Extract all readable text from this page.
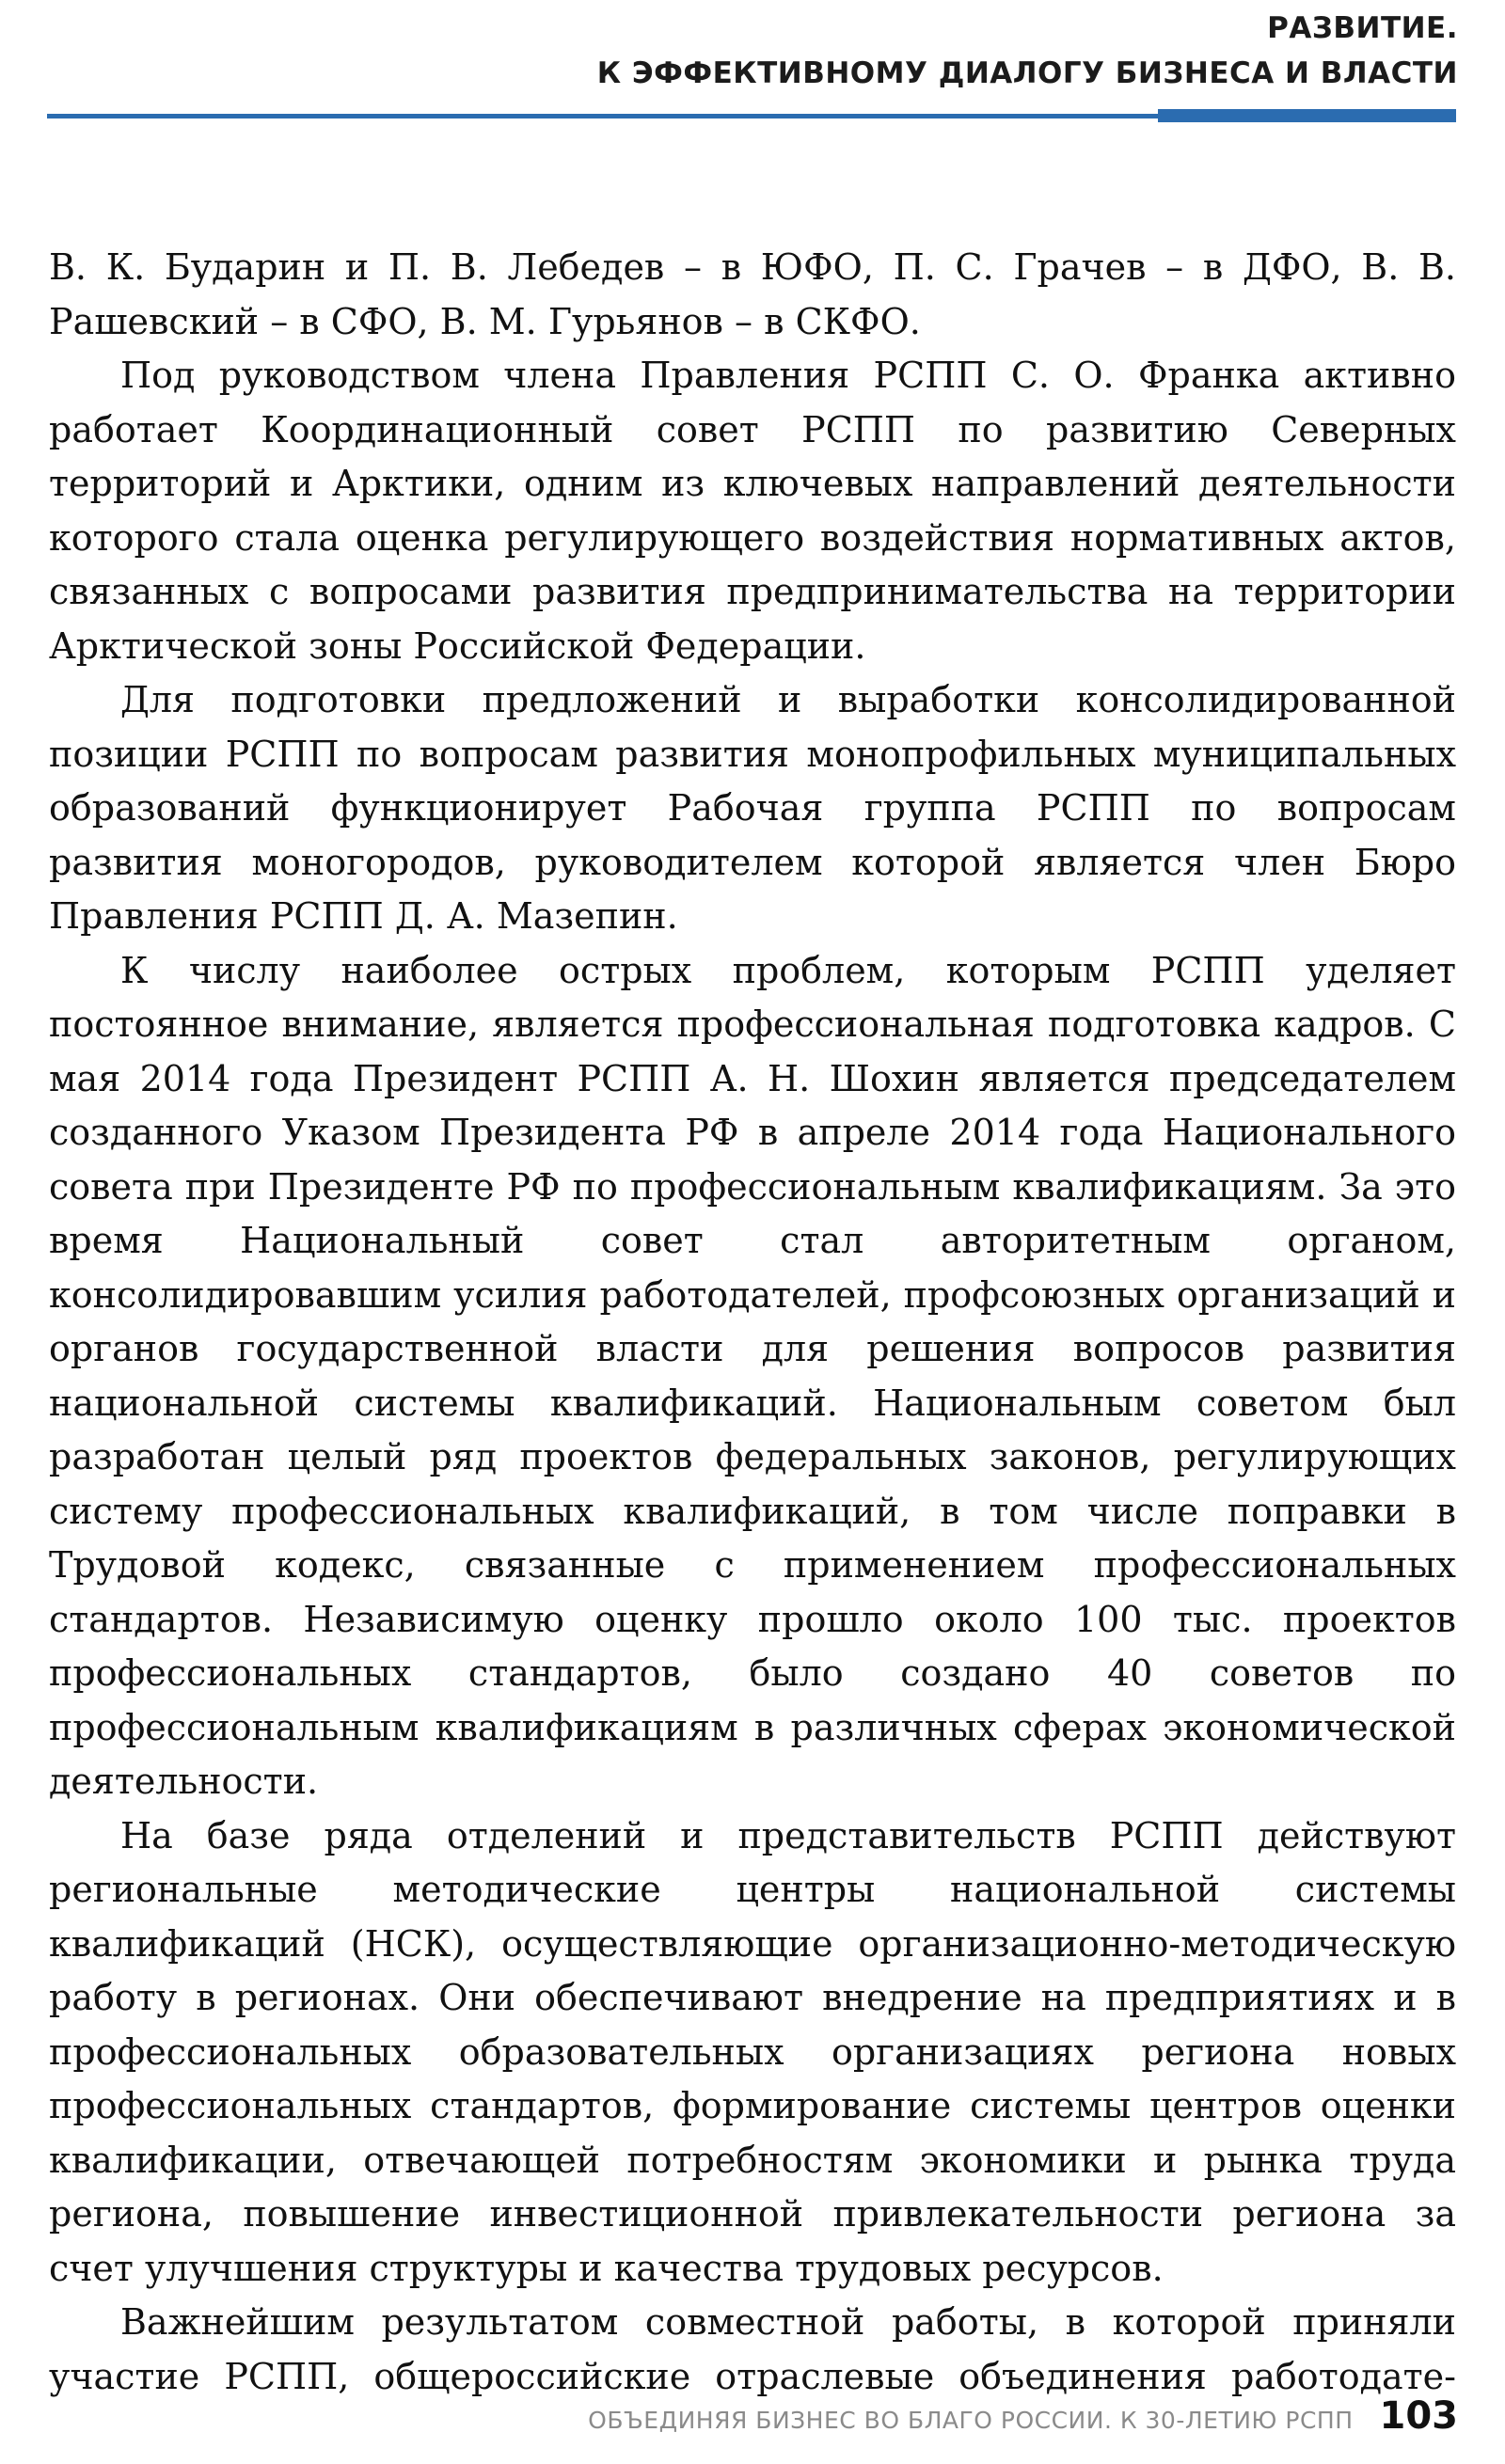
РАЗВИТИЕ.
К ЭФФЕКТИВНОМУ ДИАЛОГУ БИЗНЕСА И ВЛАСТИ

В. К. Бударин и П. В. Лебедев – в ЮФО, П. С. Грачев – в ДФО, В. В. Рашевский – в СФО, В. М. Гурьянов – в СКФО.

Под руководством члена Правления РСПП С. О. Франка активно работает Координационный совет РСПП по развитию Северных территорий и Арктики, одним из ключевых направлений деятельности которого стала оценка регулирующего воздействия нормативных актов, связанных с вопросами развития предпринимательства на территории Арктической зоны Российской Федерации.

Для подготовки предложений и выработки консолидированной позиции РСПП по вопросам развития монопрофильных муниципальных образований функционирует Рабочая группа РСПП по вопросам развития моногородов, руководителем которой является член Бюро Правления РСПП Д. А. Мазепин.

К числу наиболее острых проблем, которым РСПП уделяет постоянное внимание, является профессиональная подготовка кадров. С мая 2014 года Президент РСПП А. Н. Шохин является председателем созданного Указом Президента РФ в апреле 2014 года Национального совета при Президенте РФ по профессиональным квалификациям. За это время Национальный совет стал авторитетным органом, консолидировавшим усилия работодателей, профсоюзных организаций и органов государственной власти для решения вопросов развития национальной системы квалификаций. Национальным советом был разработан целый ряд проектов федеральных законов, регулирующих систему профессиональных квалификаций, в том числе поправки в Трудовой кодекс, связанные с применением профессиональных стандартов. Независимую оценку прошло около 100 тыс. проектов профессиональных стандартов, было создано 40 советов по профессиональным квалификациям в различных сферах экономической деятельности.

На базе ряда отделений и представительств РСПП действуют региональные методические центры национальной системы квалификаций (НСК), осуществляющие организационно-методическую работу в регионах. Они обеспечивают внедрение на предприятиях и в профессиональных образовательных организациях региона новых профессиональных стандартов, формирование системы центров оценки квалификации, отвечающей потребностям экономики и рынка труда региона, повышение инвестиционной привлекательности региона за счет улучшения структуры и качества трудовых ресурсов.

Важнейшим результатом совместной работы, в которой приняли участие РСПП, общероссийские отраслевые объединения работодате-

ОБЪЕДИНЯЯ БИЗНЕС ВО БЛАГО РОССИИ. К 30-ЛЕТИЮ РСПП 103
